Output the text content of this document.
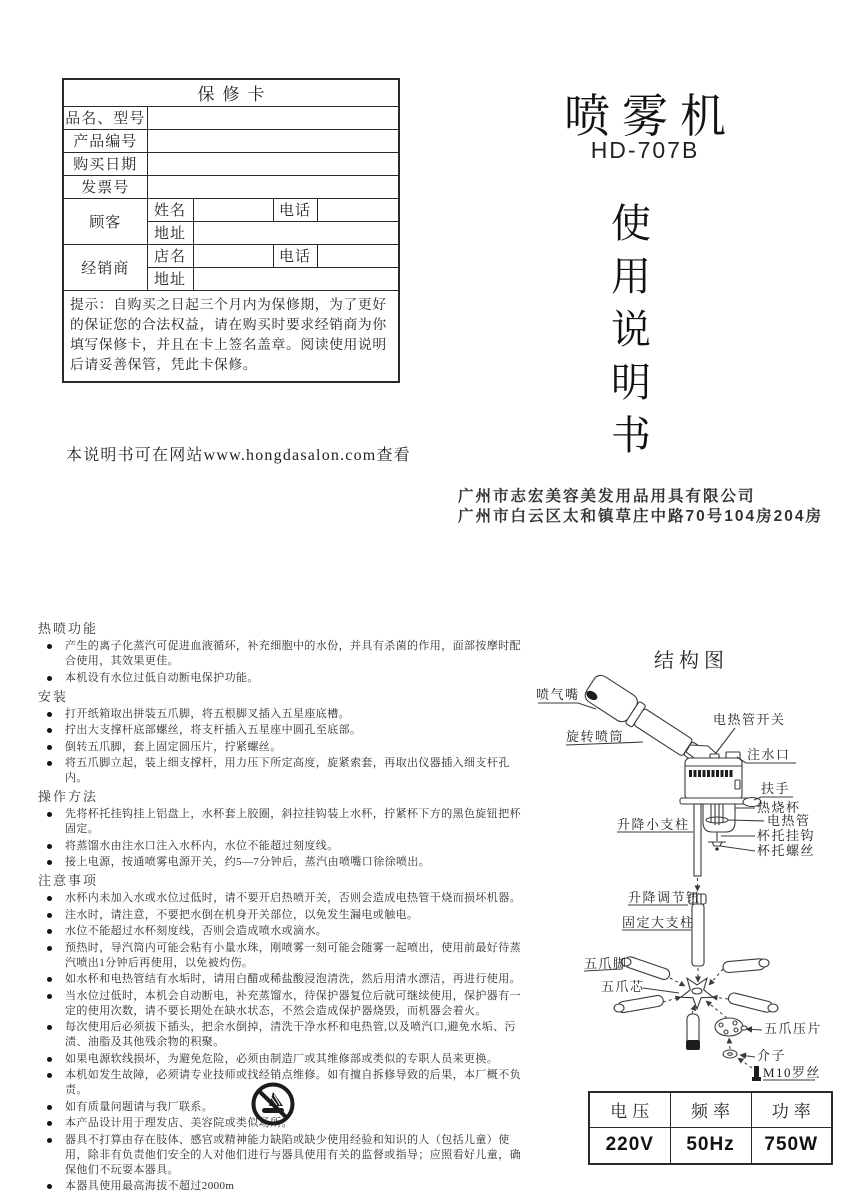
保修卡				
品名、型号				
产品编号				
购买日期				
发票号				
顾客	姓名		电话	
	地址			
经销商	店名		电话	
	地址			
提示：自购买之日起三个月内为保修期，为了更好的保证您的合法权益，请在购买时要求经销商为你填写保修卡，并且在卡上签名盖章。阅读使用说明后请妥善保管，凭此卡保修。				
喷雾机
HD-707B
使用说明书
本说明书可在网站www.hongdasalon.com查看
广州市志宏美容美发用品用具有限公司
广州市白云区太和镇草庄中路70号104房204房
热喷功能
产生的离子化蒸汽可促进血液循环，补充细胞中的水份，并具有杀菌的作用，面部按摩时配合使用，其效果更佳。
本机设有水位过低自动断电保护功能。
安装
打开纸箱取出拼装五爪脚，将五根脚叉插入五星座底槽。
拧出大支撑杆底部螺丝，将支杆插入五星座中圆孔至底部。
倒转五爪脚，套上固定圆压片，拧紧螺丝。
将五爪脚立起，装上细支撑杆，用力压下所定高度，旋紧索套，再取出仪器插入细支杆孔内。
操作方法
先将杯托挂钩挂上铝盘上，水杯套上胶圈，斜拉挂钩装上水杯，拧紧杯下方的黑色旋钮把杯固定。
将蒸馏水由注水口注入水杯内，水位不能超过刻度线。
接上电源，按通喷雾电源开关，约5—7分钟后，蒸汽由喷嘴口徐徐喷出。
注意事项
水杯内未加入水或水位过低时，请不要开启热喷开关，否则会造成电热管干烧而损坏机器。
注水时，请注意，不要把水倒在机身开关部位，以免发生漏电或触电。
水位不能超过水杯刻度线，否则会造成喷水或滴水。
预热时，导汽筒内可能会粘有小量水珠，刚喷雾一刻可能会随雾一起喷出，使用前最好待蒸汽喷出1分钟后再使用，以免被灼伤。
如水杯和电热管结有水垢时，请用白醋或稀盐酸浸泡清洗，然后用清水漂洁，再进行使用。
当水位过低时，本机会自动断电，补充蒸馏水，待保护器复位后就可继续使用，保护器有一定的使用次数，请不要长期处在缺水状态，不然会造成保护器烧毁，而机器会着火。
每次使用后必须拔下插头，把余水倒掉，清洗干净水杯和电热管,以及喷汽口,避免水垢、污渍、油脂及其他残余物的积聚。
如果电源软线损坏，为避免危险，必须由制造厂或其维修部或类似的专职人员来更换。
本机如发生故障，必须请专业技师或找经销点维修。如有擅自拆修导致的后果，本厂概不负责。
如有质量问题请与我厂联系。
本产品设计用于理发店、美容院或类似场所。
器具不打算由存在肢体、感官或精神能力缺陷或缺少使用经验和知识的人（包括儿童）使用，除非有负责他们安全的人对他们进行与器具使用有关的监督或指导；应照看好儿童，确保他们不玩耍本器具。
本器具使用最高海拔不超过2000m
结构图
喷气嘴
旋转喷筒
电热管开关
注水口
扶手
热烧杯
电热管
杯托挂钩
杯托螺丝
升降小支柱
升降调节钮
固定大支柱
五爪脚
五爪芯
五爪压片
介子
M10罗丝
电压	频率	功率
220V	50Hz	750W
